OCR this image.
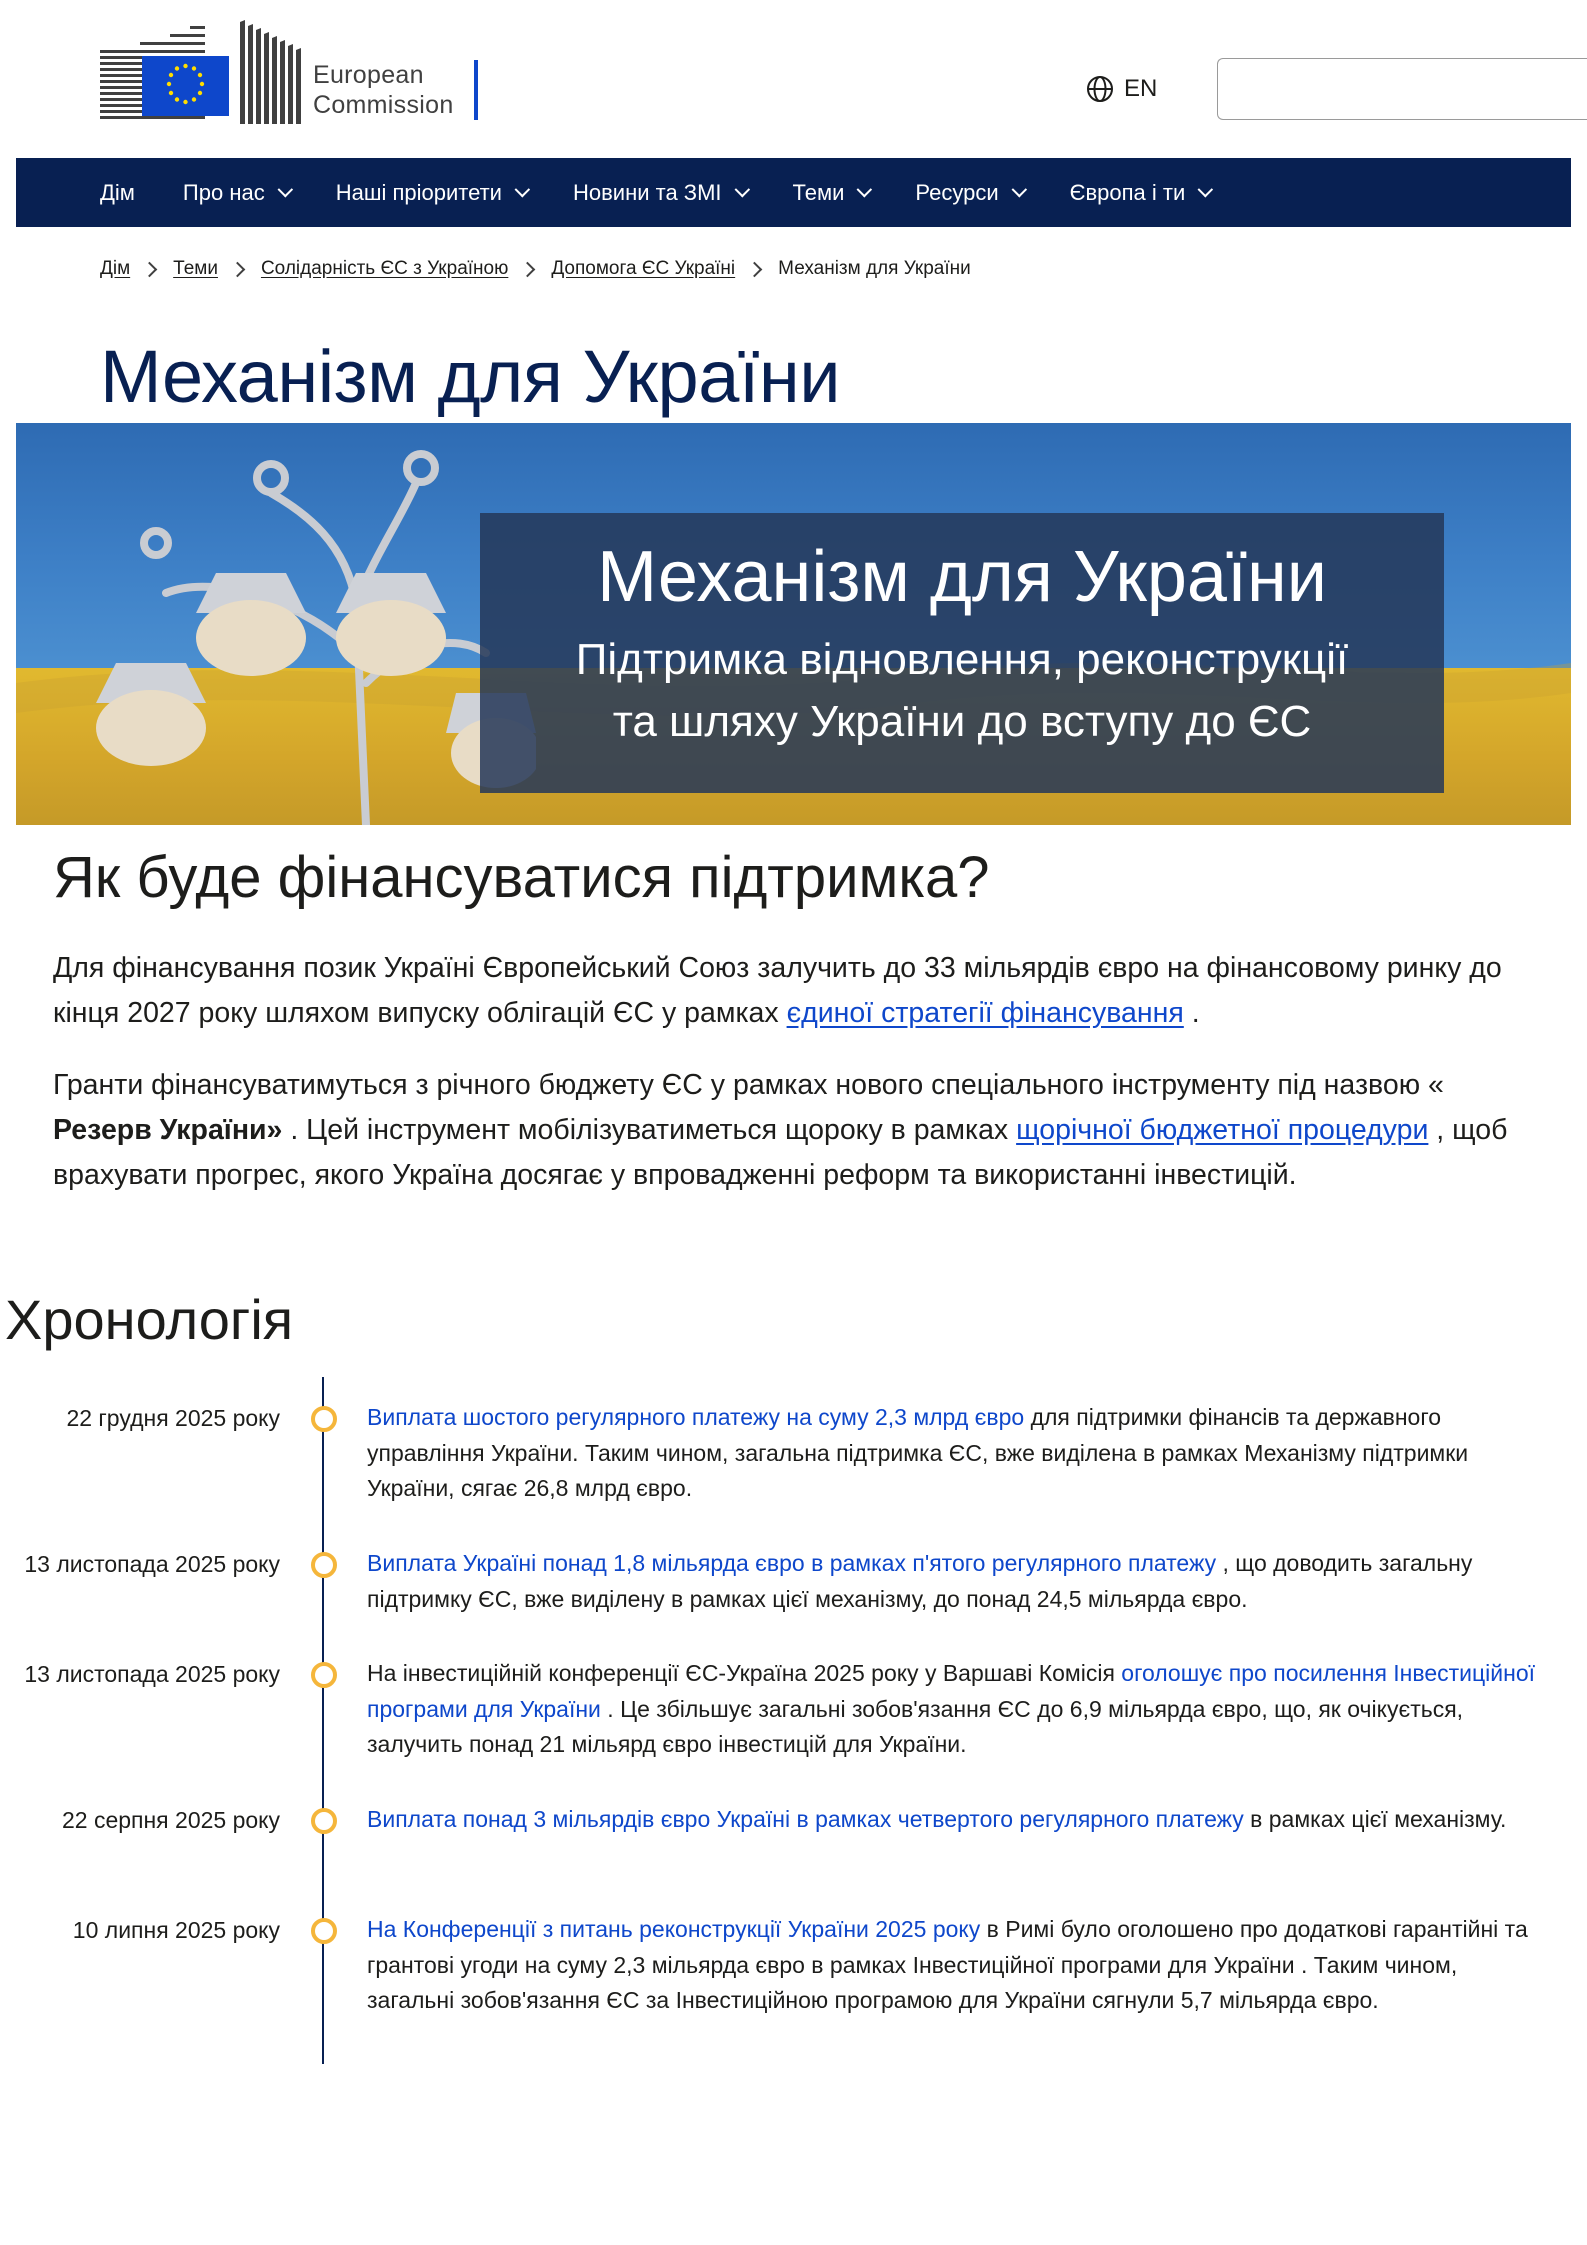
European
Commission
EN
Дім Про нас	Наші пріоритети	Новини та ЗМІ	Теми	Ресурси	Європа і ти
Дім Теми Солідарність ЄС з Україною Допомога ЄС Україні Механізм для України
Механізм для України
Механізм для України
Підтримка відновлення, реконструкції
та шляху України до вступу до ЄС
Як буде фінансуватися підтримка?

Для фінансування позик Україні Європейський Союз залучить до 33 мільярдів євро на фінансовому ринку до кінця 2027 року шляхом випуску облігацій ЄС у рамках єдиної стратегії фінансування .

Гранти фінансуватимуться з річного бюджету ЄС у рамках нового спеціального інструменту під назвою « Резерв України» . Цей інструмент мобілізуватиметься щороку в рамках щорічної бюджетної процедури , щоб врахувати прогрес, якого Україна досягає у впровадженні реформ та використанні інвестицій.

Хронологія
22 грудня 2025 року	Виплата шостого регулярного платежу на суму 2,3 млрд євро для підтримки фінансів та державного управління України. Таким чином, загальна підтримка ЄС, вже виділена в рамках Механізму підтримки України, сягає 26,8 млрд євро.
13 листопада 2025 року	Виплата Україні понад 1,8 мільярда євро в рамках п'ятого регулярного платежу , що доводить загальну підтримку ЄС, вже виділену в рамках цієї механізму, до понад 24,5 мільярда євро.
13 листопада 2025 року	На інвестиційній конференції ЄС-Україна 2025 року у Варшаві Комісія оголошує про посилення Інвестиційної програми для України . Це збільшує загальні зобов'язання ЄС до 6,9 мільярда євро, що, як очікується, залучить понад 21 мільярд євро інвестицій для України.
22 серпня 2025 року	Виплата понад 3 мільярдів євро Україні в рамках четвертого регулярного платежу в рамках цієї механізму.
10 липня 2025 року	На Конференції з питань реконструкції України 2025 року в Римі було оголошено про додаткові гарантійні та грантові угоди на суму 2,3 мільярда євро в рамках Інвестиційної програми для України . Таким чином, загальні зобов'язання ЄС за Інвестиційною програмою для України сягнули 5,7 мільярда євро.
